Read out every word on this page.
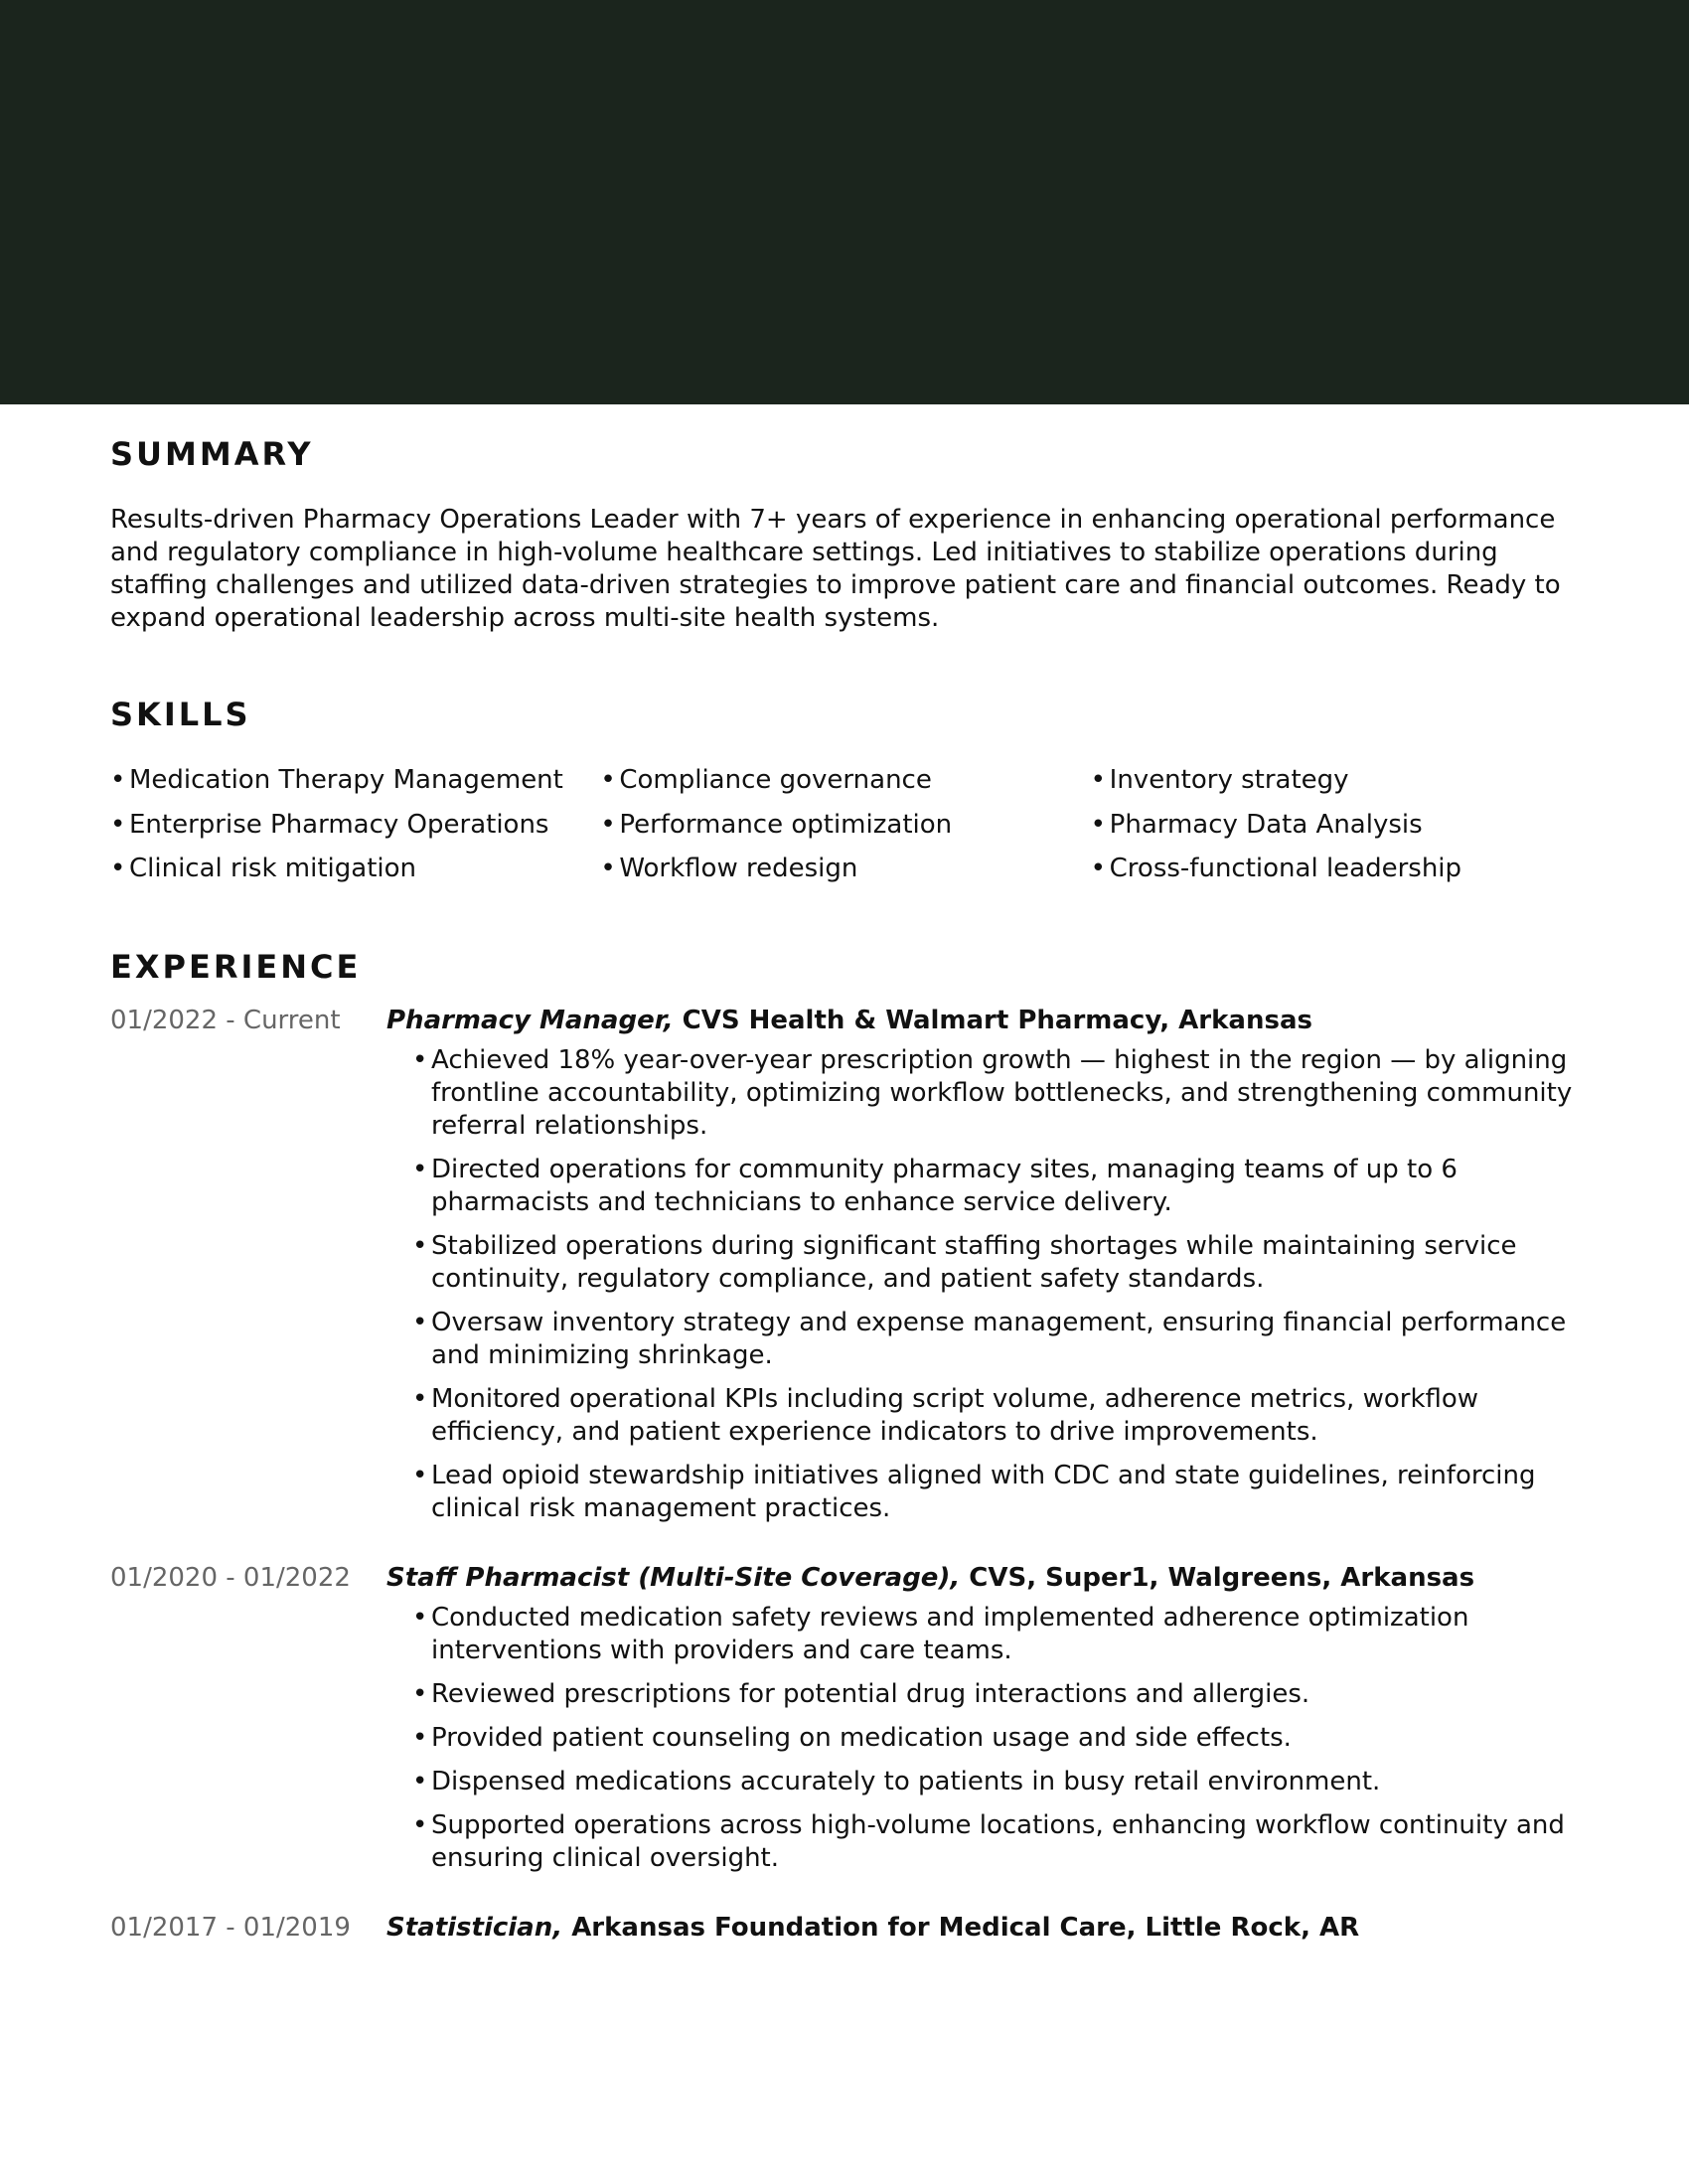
SUMMARY

Results-driven Pharmacy Operations Leader with 7+ years of experience in enhancing operational performance and regulatory compliance in high-volume healthcare settings. Led initiatives to stabilize operations during staffing challenges and utilized data-driven strategies to improve patient care and financial outcomes. Ready to expand operational leadership across multi-site health systems.

SKILLS
• Medication Therapy Management
• Enterprise Pharmacy Operations
• Clinical risk mitigation
• Compliance governance
• Performance optimization
• Workflow redesign
• Inventory strategy
• Pharmacy Data Analysis
• Cross-functional leadership
EXPERIENCE
01/2022 - Current	Pharmacy Manager, CVS Health & Walmart Pharmacy, Arkansas
• Achieved 18% year-over-year prescription growth — highest in the region — by aligning frontline accountability, optimizing workflow bottlenecks, and strengthening community referral relationships.
• Directed operations for community pharmacy sites, managing teams of up to 6 pharmacists and technicians to enhance service delivery.
• Stabilized operations during significant staffing shortages while maintaining service continuity, regulatory compliance, and patient safety standards.
• Oversaw inventory strategy and expense management, ensuring financial performance and minimizing shrinkage.
• Monitored operational KPIs including script volume, adherence metrics, workflow efficiency, and patient experience indicators to drive improvements.
• Lead opioid stewardship initiatives aligned with CDC and state guidelines, reinforcing clinical risk management practices.
01/2020 - 01/2022	Staff Pharmacist (Multi-Site Coverage), CVS, Super1, Walgreens, Arkansas
• Conducted medication safety reviews and implemented adherence optimization interventions with providers and care teams.
• Reviewed prescriptions for potential drug interactions and allergies.
• Provided patient counseling on medication usage and side effects.
• Dispensed medications accurately to patients in busy retail environment.
• Supported operations across high-volume locations, enhancing workflow continuity and ensuring clinical oversight.
01/2017 - 01/2019	Statistician, Arkansas Foundation for Medical Care, Little Rock, AR
